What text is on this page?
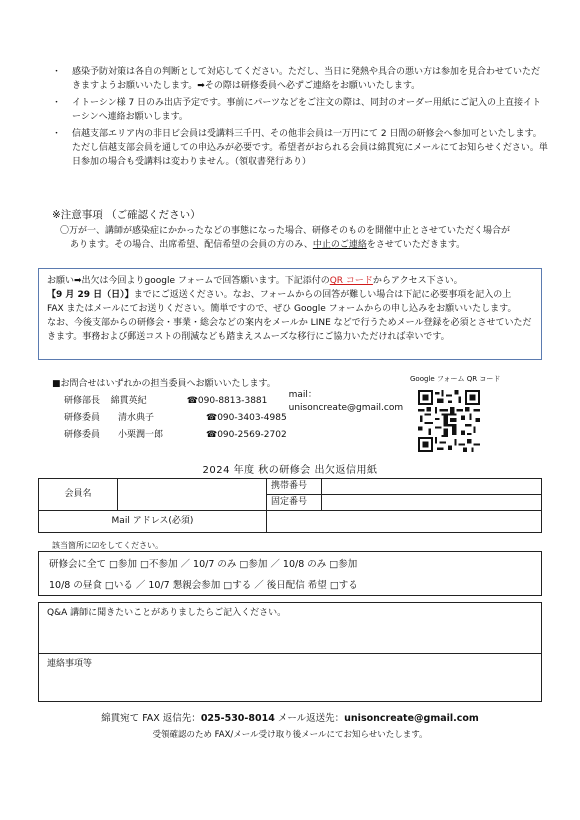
・ 感染予防対策は各自の判断として対応してください。ただし、当日に発熱や具合の悪い方は参加を見合わせていただきますようお願いいたします。➡その際は研修委員へ必ずご連絡をお願いいたします。
・ イトーシン様 7 日のみ出店予定です。事前にパーツなどをご注文の際は、同封のオーダー用紙にご記入の上直接イトーシンへ連絡お願いします。
・ 信越支部エリア内の非日ビ会員は受講料三千円、その他非会員は一万円にて 2 日間の研修会へ参加可といたします。ただし信越支部会員を通しての申込みが必要です。希望者がおられる会員は綿貫宛にメールにてお知らせください。単日参加の場合も受講料は変わりません。（領収書発行あり）
※注意事項 （ご確認ください）
〇万が一、講師が感染症にかかったなどの事態になった場合、研修そのものを開催中止とさせていただく場合が
あります。その場合、出席希望、配信希望の会員の方のみ、中止のご連絡をさせていただきます。

お願い➡出欠は今回よりgoogle フォームで回答願います。下記添付のQR コードからアクセス下さい。

【9 月 29 日（日）】までにご返送ください。なお、フォームからの回答が難しい場合は下記に必要事項を記入の上

FAX またはメールにてお送りください。簡単ですので、ぜひ Google フォームからの申し込みをお願いいたします。

なお、今後支部からの研修会・事業・総会などの案内をメールか LINE などで行うためメール登録を必須とさせていただきます。事務および郵送コストの削減なども踏まえスムーズな移行にご協力いただければ幸いです。

■お問合せはいずれかの担当委員へお願いいたします。
研修部長	綿貫英紀	☎090-8813-3881
mail：unisoncreate@gmail.com
研修委員	清水典子	☎090-3403-4985
研修委員	小栗潤一郎	☎090-2569-2702
Google フォーム QR コード
2024 年度 秋の研修会 出欠返信用紙
会員名		携帯番号	
		固定番号	
Mail アドレス(必須)			
該当箇所に☑をしてください。

研修会に全て □参加 □不参加 ／ 10/7 のみ □参加 ／ 10/8 のみ □参加

10/8 の昼食 □いる ／ 10/7 懇親会参加 □する ／ 後日配信 希望 □する

Q&A 講師に聞きたいことがありましたらご記入ください。
連絡事項等
綿貫宛て FAX 返信先：025-530-8014 メール返送先：unisoncreate@gmail.com
受領確認のため FAX/メール受け取り後メールにてお知らせいたします。
